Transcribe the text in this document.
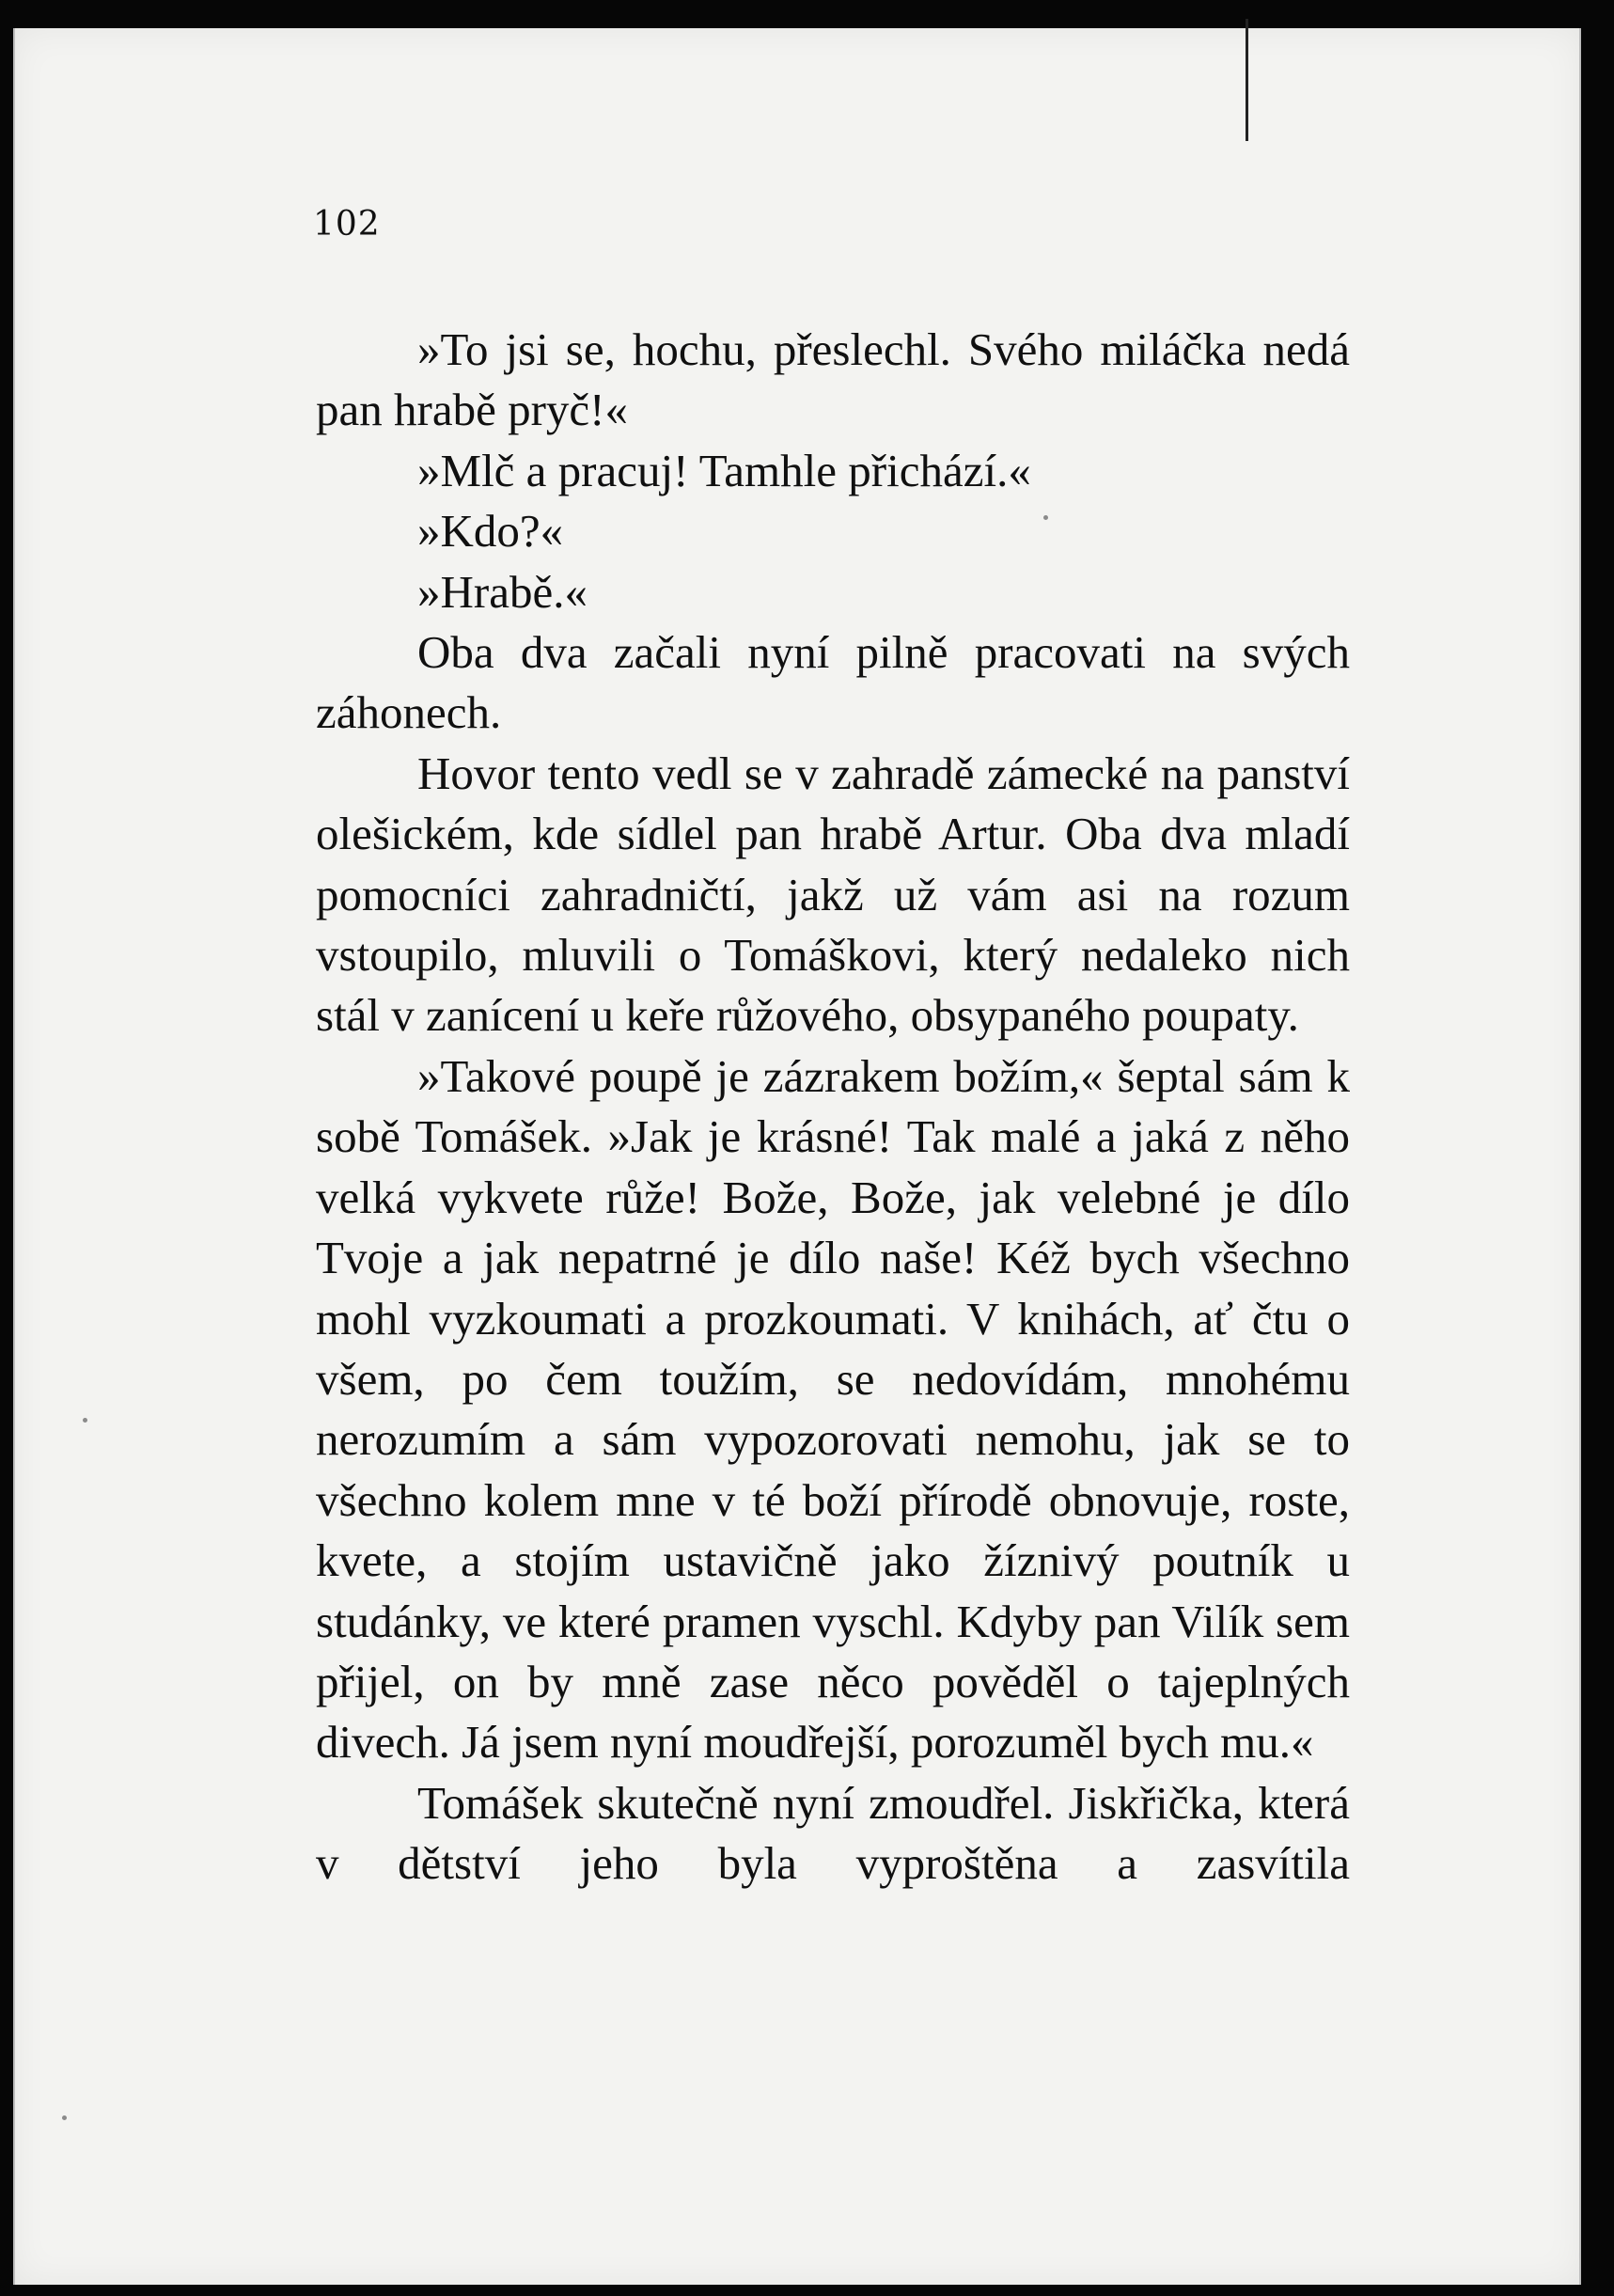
102

»To jsi se, hochu, přeslechl. Svého miláčka nedá pan hrabě pryč!«

»Mlč a pracuj! Tamhle přichází.«

»Kdo?«

»Hrabě.«

Oba dva začali nyní pilně pracovati na svých záhonech.

Hovor tento vedl se v zahradě zámecké na panství olešickém, kde sídlel pan hrabě Artur. Oba dva mladí pomocníci zahradničtí, jakž už vám asi na rozum vstoupilo, mluvili o Tomáškovi, který nedaleko nich stál v zanícení u keře růžového, obsypaného poupaty.

»Takové poupě je zázrakem božím,« šeptal sám k sobě Tomášek. »Jak je krásné! Tak malé a jaká z něho velká vykvete růže! Bože, Bože, jak velebné je dílo Tvoje a jak nepatrné je dílo naše! Kéž bych všechno mohl vyzkoumati a prozkoumati. V knihách, ať čtu o všem, po čem toužím, se nedovídám, mnohému nerozumím a sám vypozorovati nemohu, jak se to všechno kolem mne v té boží přírodě obnovuje, roste, kvete, a stojím ustavičně jako žíznivý poutník u studánky, ve které pramen vyschl. Kdyby pan Vilík sem přijel, on by mně zase něco pověděl o tajeplných divech. Já jsem nyní moudřejší, porozuměl bych mu.«

Tomášek skutečně nyní zmoudřel. Jiskřička, která v dětství jeho byla vyproštěna a zasvítila
